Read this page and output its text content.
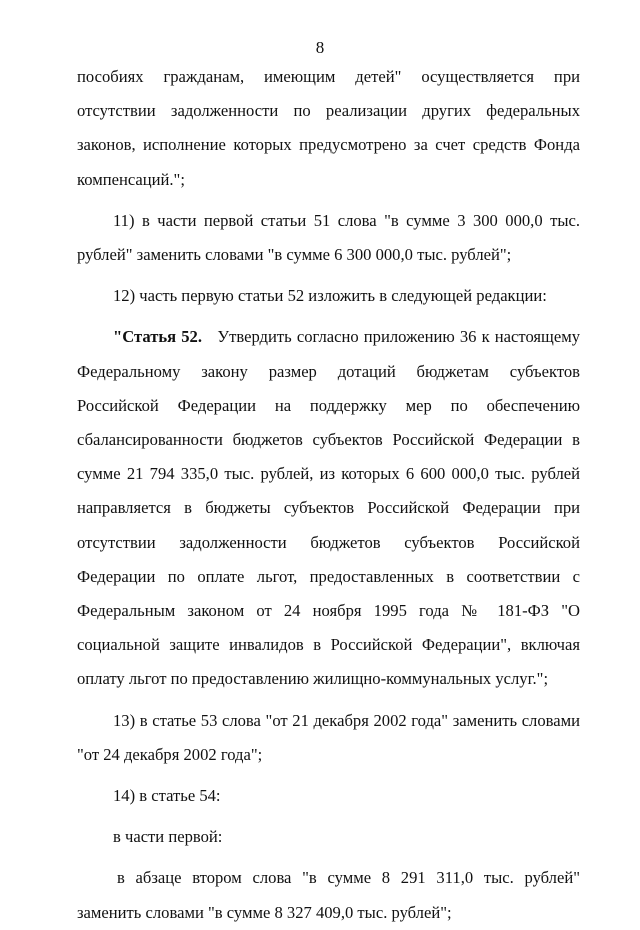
8

пособиях гражданам, имеющим детей" осуществляется при отсутствии задолженности по реализации других федеральных законов, исполнение которых предусмотрено за счет средств Фонда компенсаций.";

11) в части первой статьи 51 слова "в сумме 3 300 000,0 тыс. рублей" заменить словами "в сумме 6 300 000,0 тыс. рублей";

12) часть первую статьи 52 изложить в следующей редакции:

"Статья 52. Утвердить согласно приложению 36 к настоящему Федеральному закону размер дотаций бюджетам субъектов Российской Федерации на поддержку мер по обеспечению сбалансированности бюджетов субъектов Российской Федерации в сумме 21 794 335,0 тыс. рублей, из которых 6 600 000,0 тыс. рублей направляется в бюджеты субъектов Российской Федерации при отсутствии задолженности бюджетов субъектов Российской Федерации по оплате льгот, предоставленных в соответствии с Федеральным законом от 24 ноября 1995 года № 181-ФЗ "О социальной защите инвалидов в Российской Федерации", включая оплату льгот по предоставлению жилищно-коммунальных услуг.";

13) в статье 53 слова "от 21 декабря 2002 года" заменить словами "от 24 декабря 2002 года";

14) в статье 54:

в части первой:

в абзаце втором слова "в сумме 8 291 311,0 тыс. рублей" заменить словами "в сумме 8 327 409,0 тыс. рублей";
